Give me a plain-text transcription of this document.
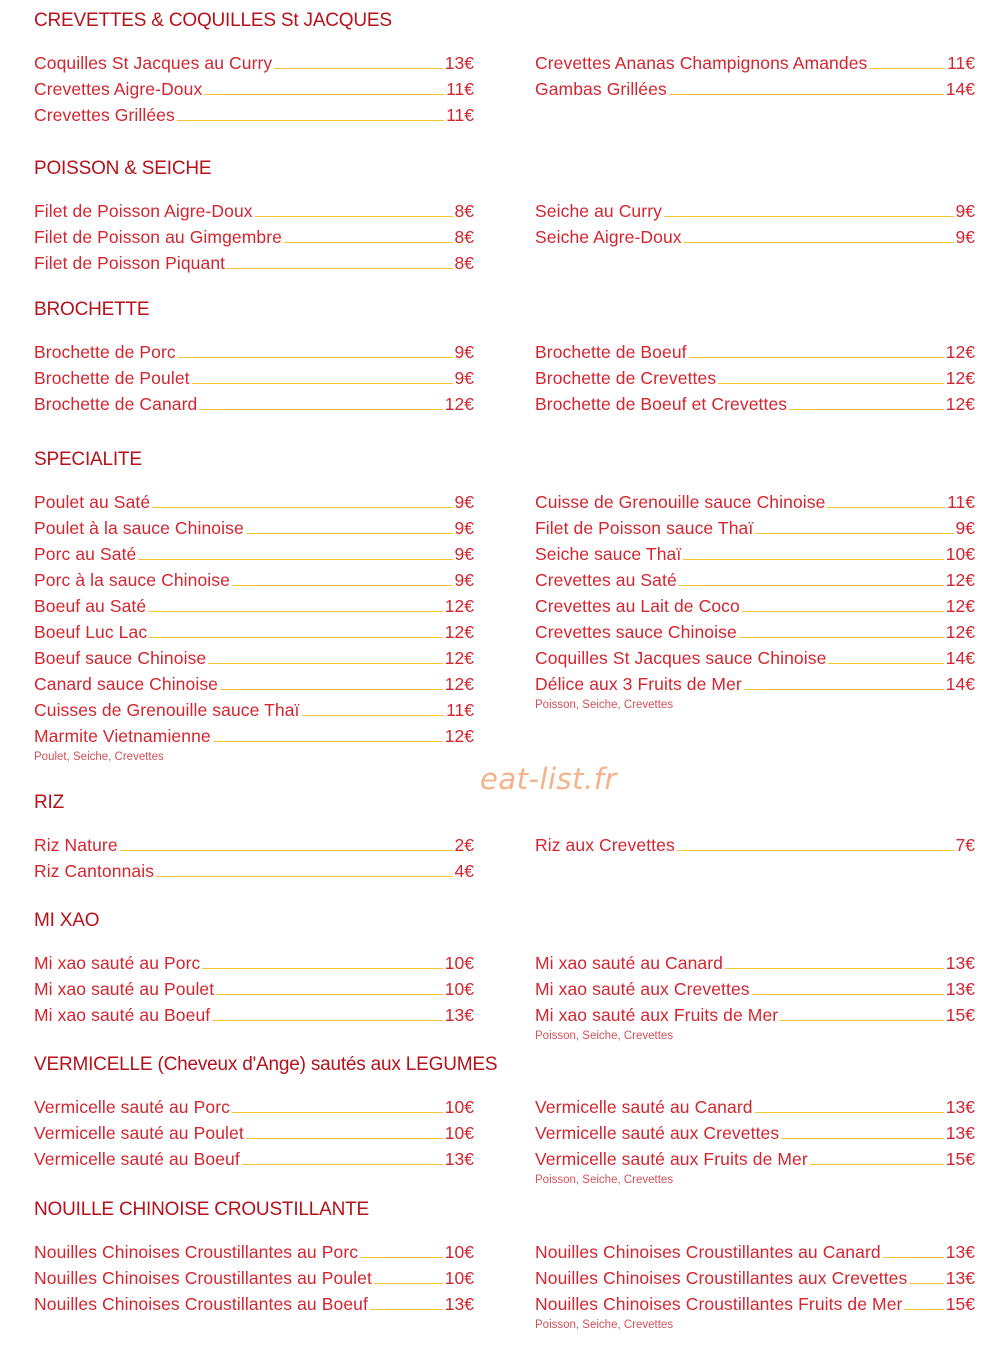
CREVETTES & COQUILLES St JACQUES
Coquilles St Jacques au Curry	13€
Crevettes Aigre-Doux	11€
Crevettes Grillées	11€
Crevettes Ananas Champignons Amandes	11€
Gambas Grillées	14€
POISSON & SEICHE
Filet de Poisson Aigre-Doux	8€
Filet de Poisson au Gimgembre	8€
Filet de Poisson Piquant	8€
Seiche au Curry	9€
Seiche Aigre-Doux	9€
BROCHETTE
Brochette de Porc	9€
Brochette de Poulet	9€
Brochette de Canard	12€
Brochette de Boeuf	12€
Brochette de Crevettes	12€
Brochette de Boeuf et Crevettes	12€
SPECIALITE
Poulet au Saté	9€
Poulet à la sauce Chinoise	9€
Porc au Saté	9€
Porc à la sauce Chinoise	9€
Boeuf au Saté	12€
Boeuf Luc Lac	12€
Boeuf sauce Chinoise	12€
Canard sauce Chinoise	12€
Cuisses de Grenouille sauce Thaï	11€
Marmite Vietnamienne	12€
Poulet, Seiche, Crevettes
Cuisse de Grenouille sauce Chinoise	11€
Filet de Poisson sauce Thaï	9€
Seiche sauce Thaï	10€
Crevettes au Saté	12€
Crevettes au Lait de Coco	12€
Crevettes sauce Chinoise	12€
Coquilles St Jacques sauce Chinoise	14€
Délice aux 3 Fruits de Mer	14€
Poisson, Seiche, Crevettes
RIZ
Riz Nature	2€
Riz Cantonnais	4€
Riz aux Crevettes	7€
MI XAO
Mi xao sauté au Porc	10€
Mi xao sauté au Poulet	10€
Mi xao sauté au Boeuf	13€
Mi xao sauté au Canard	13€
Mi xao sauté aux Crevettes	13€
Mi xao sauté aux Fruits de Mer	15€
Poisson, Seiche, Crevettes
VERMICELLE (Cheveux d'Ange) sautés aux LEGUMES
Vermicelle sauté au Porc	10€
Vermicelle sauté au Poulet	10€
Vermicelle sauté au Boeuf	13€
Vermicelle sauté au Canard	13€
Vermicelle sauté aux Crevettes	13€
Vermicelle sauté aux Fruits de Mer	15€
Poisson, Seiche, Crevettes
NOUILLE CHINOISE CROUSTILLANTE
Nouilles Chinoises Croustillantes au Porc	10€
Nouilles Chinoises Croustillantes au Poulet	10€
Nouilles Chinoises Croustillantes au Boeuf	13€
Nouilles Chinoises Croustillantes au Canard	13€
Nouilles Chinoises Croustillantes aux Crevettes 13€
Nouilles Chinoises Croustillantes Fruits de Mer 15€
Poisson, Seiche, Crevettes
eat-list.fr
